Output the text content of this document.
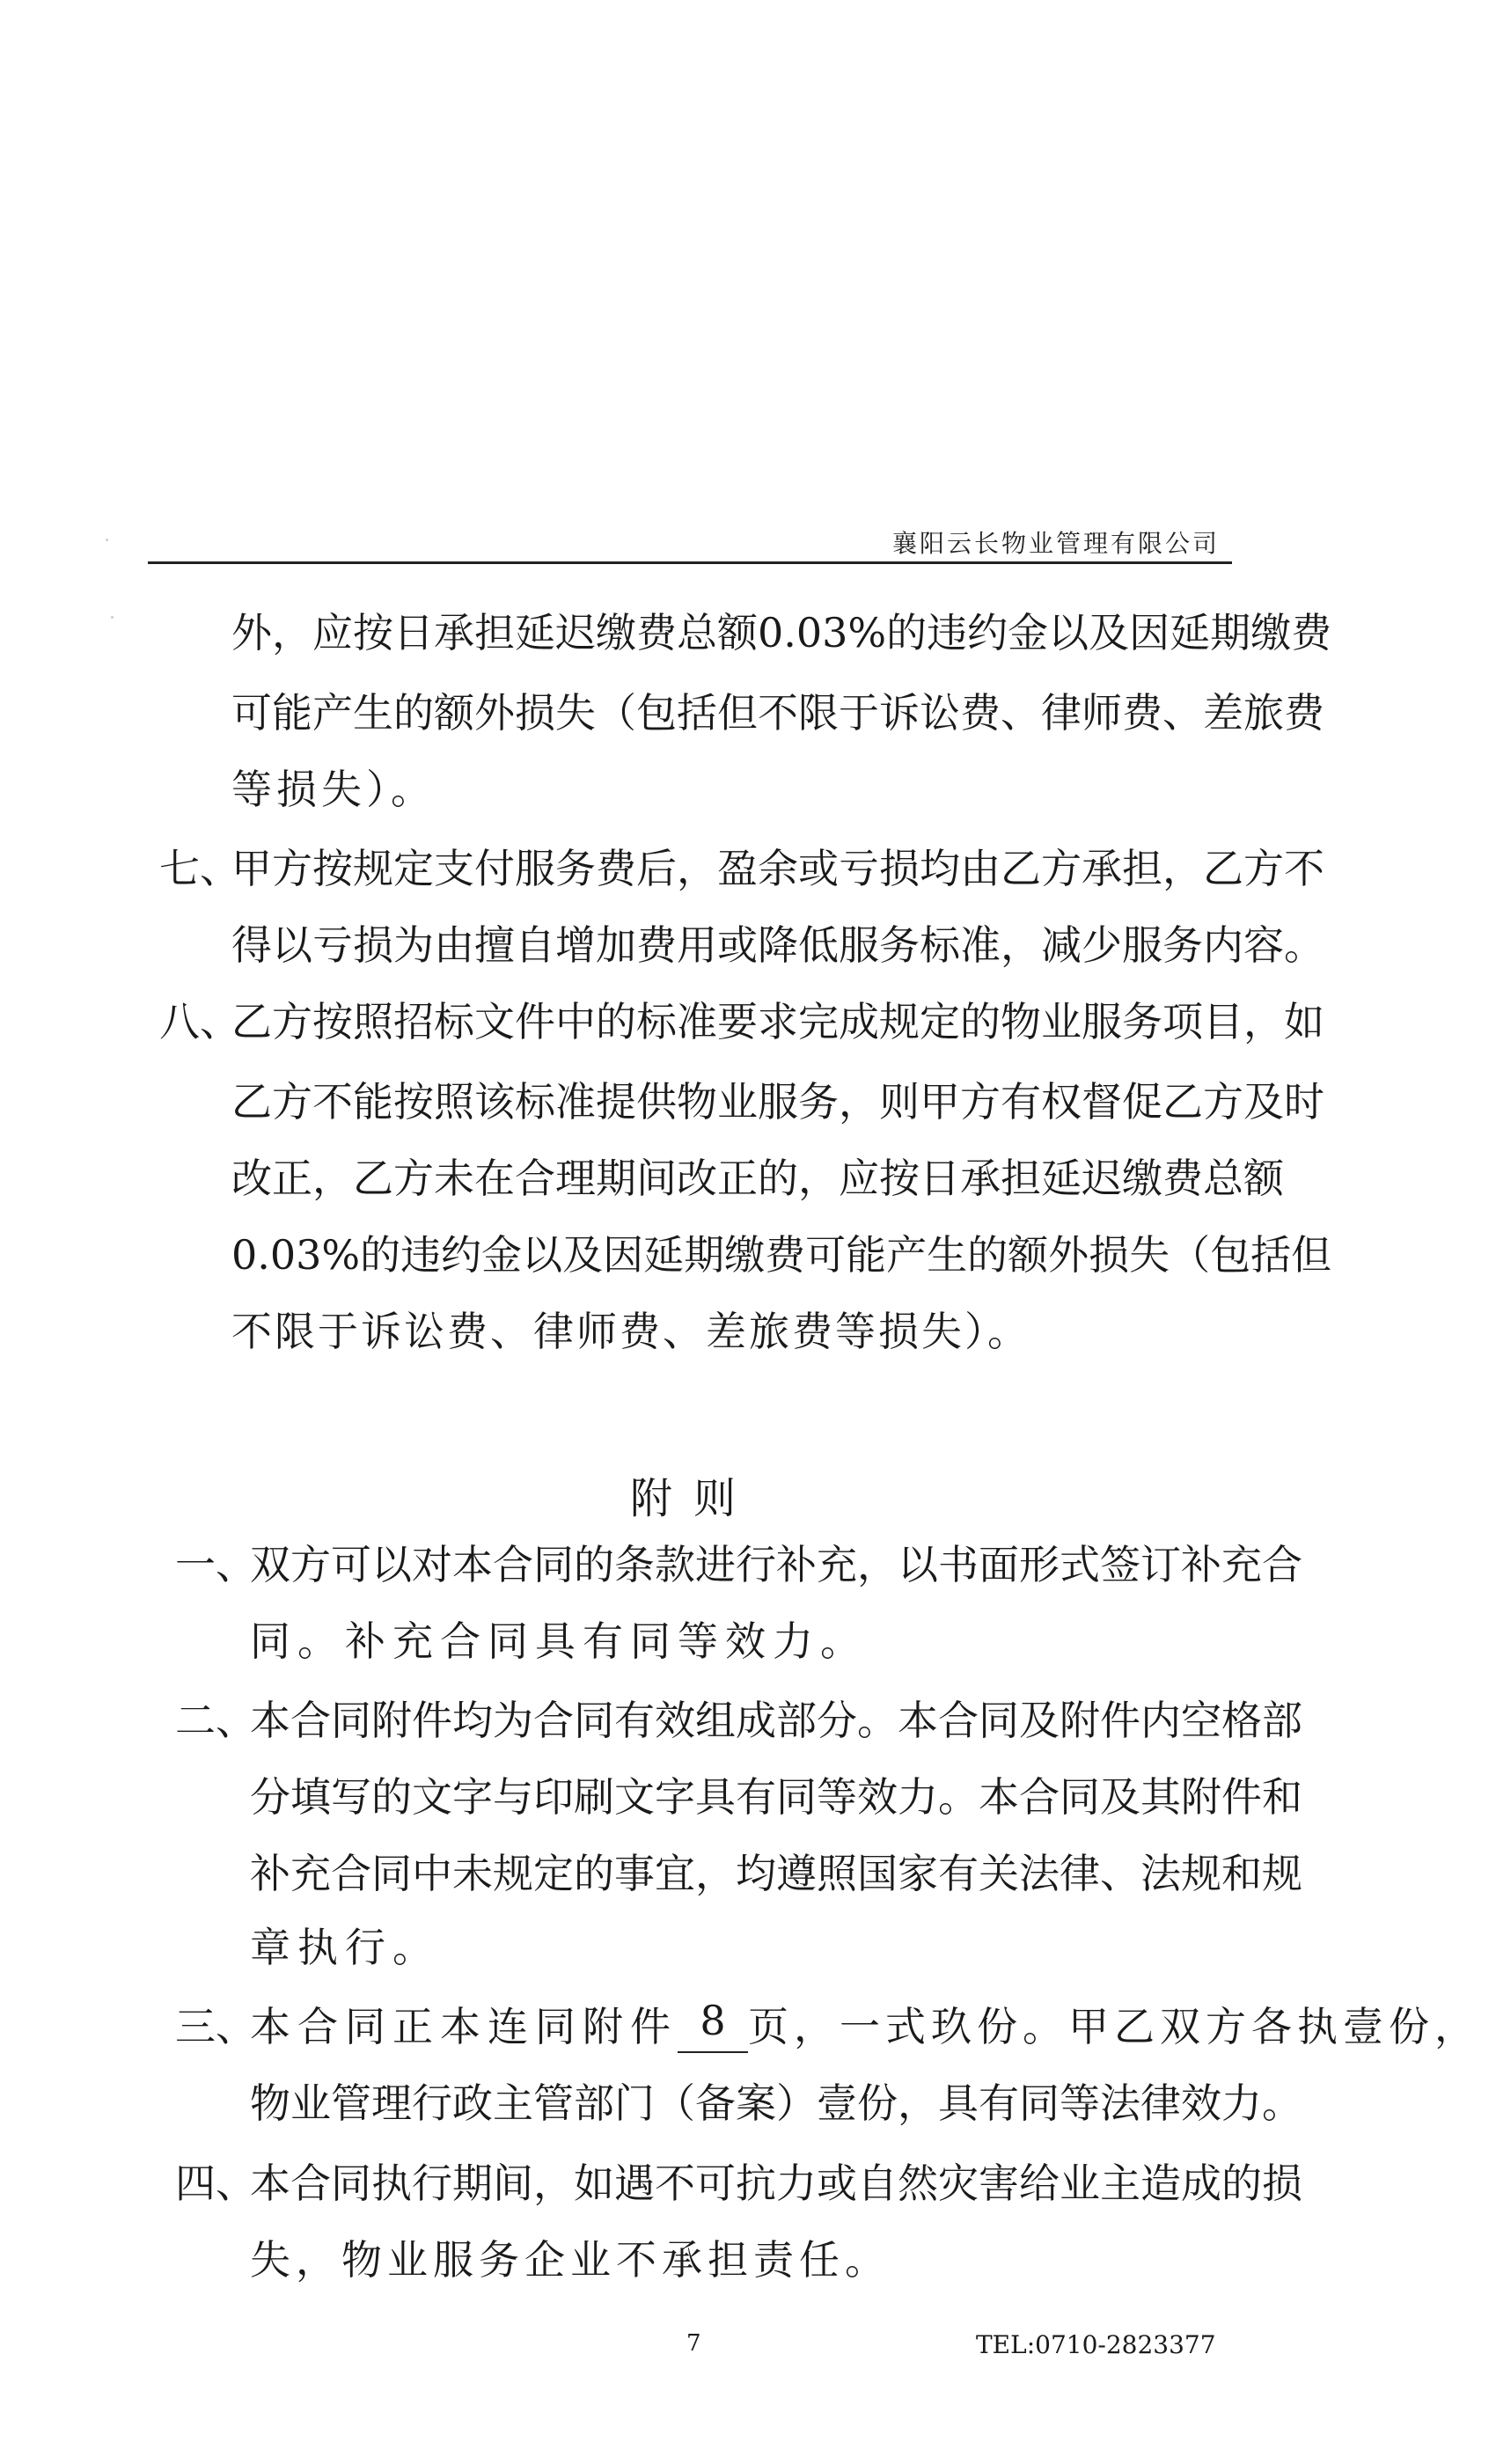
襄阳云长物业管理有限公司
外，应按日承担延迟缴费总额0.03%的违约金以及因延期缴费
可能产生的额外损失（包括但不限于诉讼费、律师费、差旅费
等损失）。
七、
甲方按规定支付服务费后，盈余或亏损均由乙方承担，乙方不
得以亏损为由擅自增加费用或降低服务标准，减少服务内容。
八、
乙方按照招标文件中的标准要求完成规定的物业服务项目，如
乙方不能按照该标准提供物业服务，则甲方有权督促乙方及时
改正，乙方未在合理期间改正的，应按日承担延迟缴费总额
0.03%的违约金以及因延期缴费可能产生的额外损失（包括但
不限于诉讼费、律师费、差旅费等损失）。
附则
一、
双方可以对本合同的条款进行补充，以书面形式签订补充合
同。补充合同具有同等效力。
二、
本合同附件均为合同有效组成部分。本合同及附件内空格部
分填写的文字与印刷文字具有同等效力。本合同及其附件和
补充合同中未规定的事宜，均遵照国家有关法律、法规和规
章执行。
三、
本合同正本连同附件 8 页，一式玖份。甲乙双方各执壹份，
物业管理行政主管部门（备案）壹份，具有同等法律效力。
四、
本合同执行期间，如遇不可抗力或自然灾害给业主造成的损
失，物业服务企业不承担责任。
7	TEL:0710-2823377
